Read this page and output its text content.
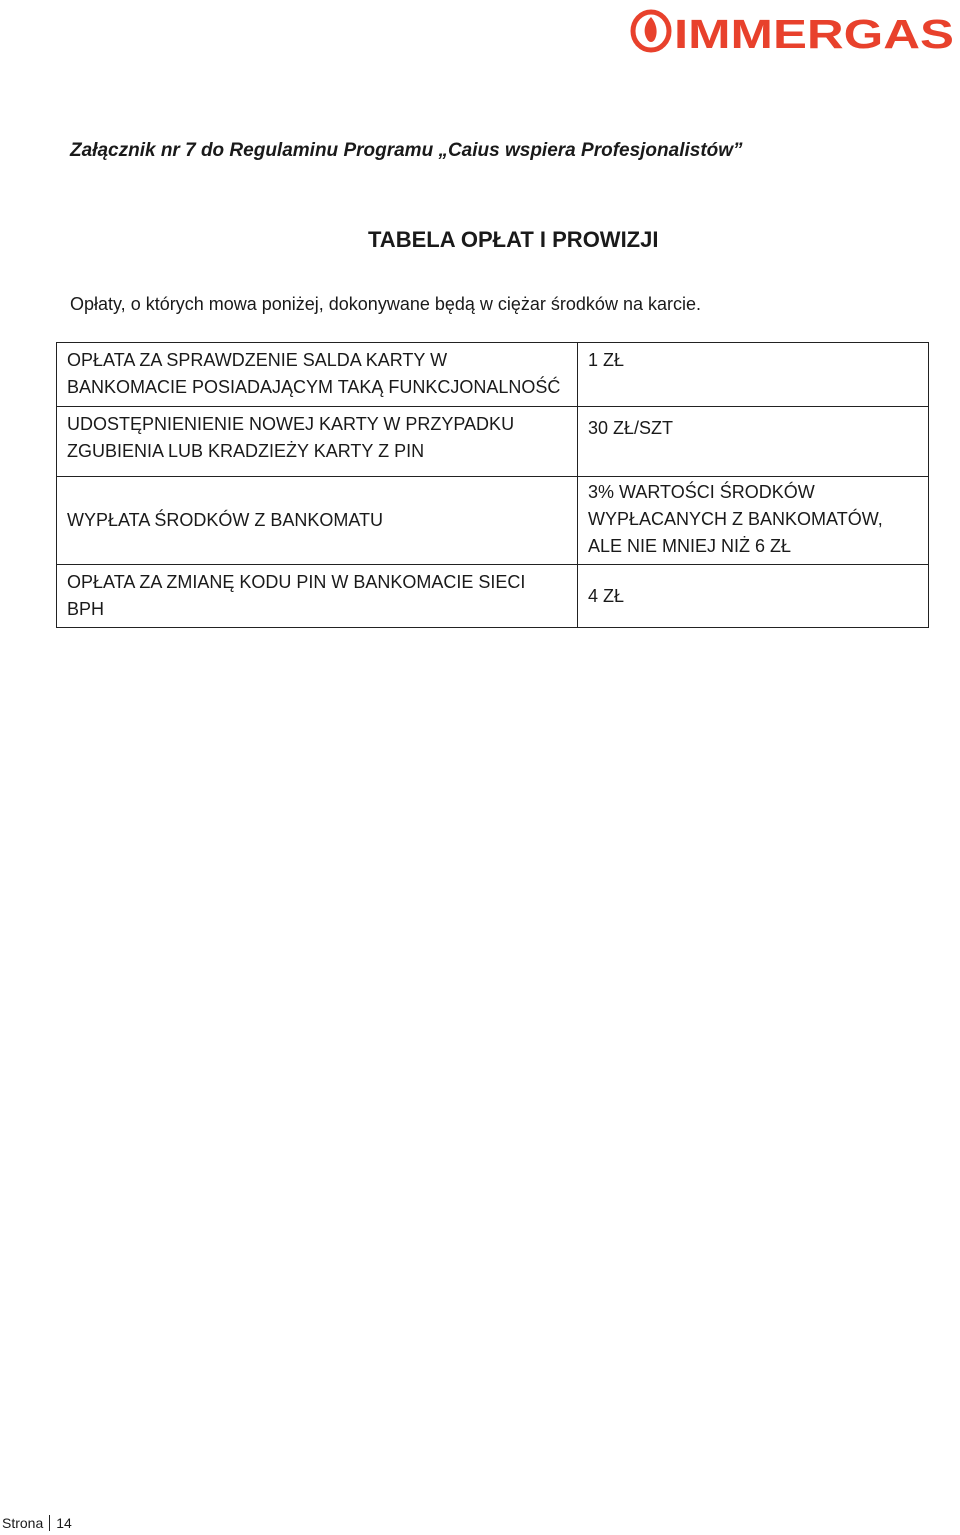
IMMERGAS

Załącznik nr 7 do Regulaminu Programu „Caius wspiera Profesjonalistów”

TABELA OPŁAT I PROWIZJI

Opłaty, o których mowa poniżej, dokonywane będą w ciężar środków na karcie.

OPŁATA ZA SPRAWDZENIE SALDA KARTY W BANKOMACIE POSIADAJĄCYM TAKĄ FUNKCJONALNOŚĆ	1 ZŁ
UDOSTĘPNIENIENIE NOWEJ KARTY W PRZYPADKU ZGUBIENIA LUB KRADZIEŻY KARTY Z PIN	30 ZŁ/SZT
WYPŁATA ŚRODKÓW Z BANKOMATU	3% WARTOŚCI ŚRODKÓW WYPŁACANYCH Z BANKOMATÓW, ALE NIE MNIEJ NIŻ 6 ZŁ
OPŁATA ZA ZMIANĘ KODU PIN W BANKOMACIE SIECI BPH	4 ZŁ
Strona 14
